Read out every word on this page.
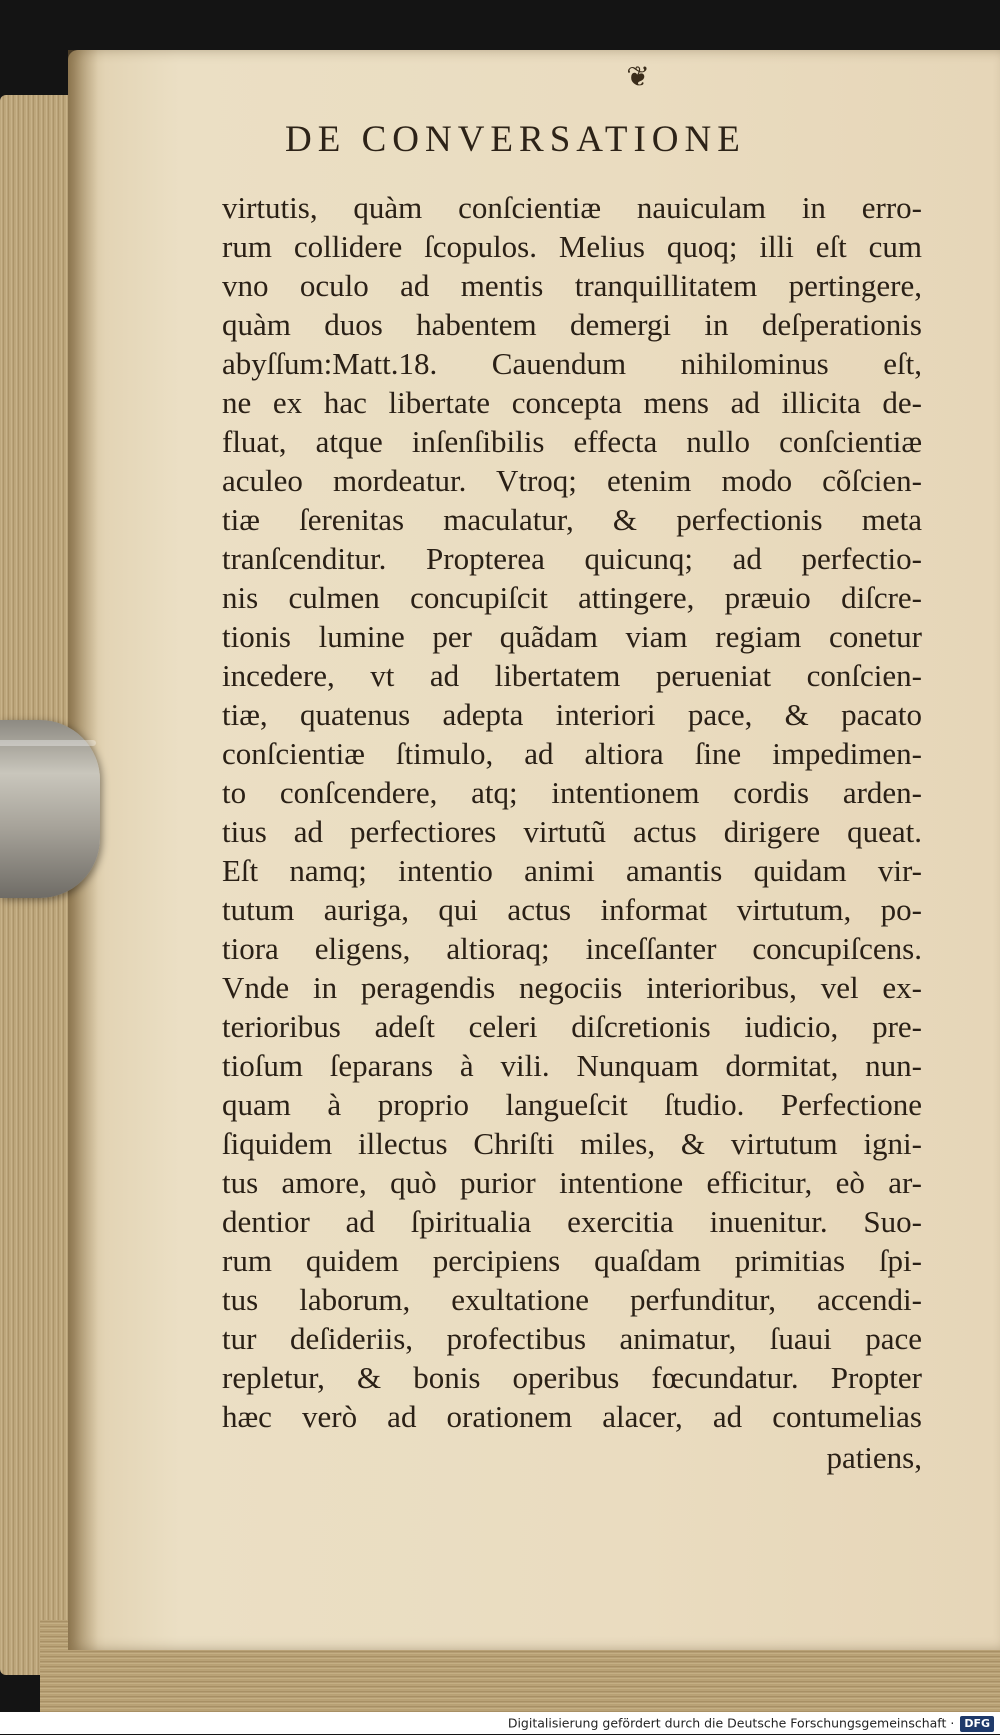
❦
DE CONVERSATIONE
virtutis, quàm conſcientiæ nauiculam in erro-
rum collidere ſcopulos. Melius quoq; illi eſt cum
vno oculo ad mentis tranquillitatem pertingere,
quàm duos habentem demergi in deſperationis
abyſſum:Matt.18. Cauendum nihilominus eſt,
ne ex hac libertate concepta mens ad illicita de-
fluat, atque inſenſibilis effecta nullo conſcientiæ
aculeo mordeatur. Vtroq; etenim modo cõſcien-
tiæ ſerenitas maculatur, & perfectionis meta
tranſcenditur. Propterea quicunq; ad perfectio-
nis culmen concupiſcit attingere, præuio diſcre-
tionis lumine per quãdam viam regiam conetur
incedere, vt ad libertatem perueniat conſcien-
tiæ, quatenus adepta interiori pace, & pacato
conſcientiæ ſtimulo, ad altiora ſine impedimen-
to conſcendere, atq; intentionem cordis arden-
tius ad perfectiores virtutũ actus dirigere queat.
Eſt namq; intentio animi amantis quidam vir-
tutum auriga, qui actus informat virtutum, po-
tiora eligens, altioraq; inceſſanter concupiſcens.
Vnde in peragendis negociis interioribus, vel ex-
terioribus adeſt celeri diſcretionis iudicio, pre-
tioſum ſeparans à vili. Nunquam dormitat, nun-
quam à proprio langueſcit ſtudio. Perfectione
ſiquidem illectus Chriſti miles, & virtutum igni-
tus amore, quò purior intentione efficitur, eò ar-
dentior ad ſpiritualia exercitia inuenitur. Suo-
rum quidem percipiens quaſdam primitias ſpi-
tus laborum, exultatione perfunditur, accendi-
tur deſideriis, profectibus animatur, ſuaui pace
repletur, & bonis operibus fœcundatur. Propter
hæc verò ad orationem alacer, ad contumelias
patiens,
Digitalisierung gefördert durch die Deutsche Forschungsgemeinschaft · DFG
